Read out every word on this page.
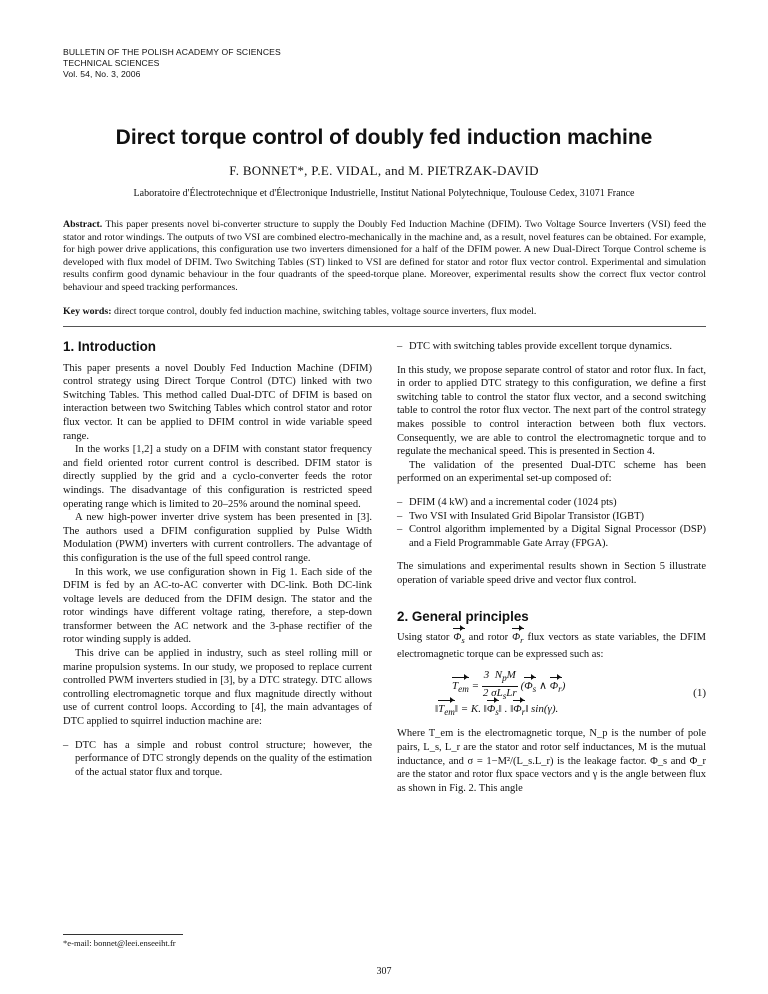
BULLETIN OF THE POLISH ACADEMY OF SCIENCES
TECHNICAL SCIENCES
Vol. 54, No. 3, 2006
Direct torque control of doubly fed induction machine
F. BONNET*, P.E. VIDAL, and M. PIETRZAK-DAVID
Laboratoire d'Électrotechnique et d'Électronique Industrielle, Institut National Polytechnique, Toulouse Cedex, 31071 France
Abstract. This paper presents novel bi-converter structure to supply the Doubly Fed Induction Machine (DFIM). Two Voltage Source Inverters (VSI) feed the stator and rotor windings. The outputs of two VSI are combined electro-mechanically in the machine and, as a result, novel features can be obtained. For example, for high power drive applications, this configuration use two inverters dimensioned for a half of the DFIM power. A new Dual-Direct Torque Control scheme is developed with flux model of DFIM. Two Switching Tables (ST) linked to VSI are defined for stator and rotor flux vector control. Experimental and simulation results confirm good dynamic behaviour in the four quadrants of the speed-torque plane. Moreover, experimental results show the correct flux vector control behaviour and speed tracking performances.
Key words: direct torque control, doubly fed induction machine, switching tables, voltage source inverters, flux model.
1. Introduction

This paper presents a novel Doubly Fed Induction Machine (DFIM) control strategy using Direct Torque Control (DTC) linked with two Switching Tables. This method called Dual-DTC of DFIM is based on interaction between two Switching Tables which control stator and rotor flux vector. It can be applied to DFIM control in wide variable speed range.

In the works [1,2] a study on a DFIM with constant stator frequency and field oriented rotor current control is described. DFIM stator is directly supplied by the grid and a cyclo-converter feeds the rotor windings. The disadvantage of this configuration is restricted speed operating range which is limited to 20–25% around the nominal speed.

A new high-power inverter drive system has been presented in [3]. The authors used a DFIM configuration supplied by Pulse Width Modulation (PWM) inverters with current controllers. The advantage of this configuration is the use of the full speed control range.

In this work, we use configuration shown in Fig 1. Each side of the DFIM is fed by an AC-to-AC converter with DC-link. Both DC-link voltage levels are deduced from the DFIM design. The stator and the rotor windings have different voltage rating, therefore, a step-down transformer between the AC network and the 3-phase rectifier of the rotor winding supply is added.

This drive can be applied in industry, such as steel rolling mill or marine propulsion systems. In our study, we proposed to replace current controlled PWM inverters studied in [3], by a DTC strategy. DTC allows controlling electromagnetic torque and flux magnitude directly without use of current control loops. According to [4], the main advantages of DTC applied to squirrel induction machine are:

– DTC has a simple and robust control structure; however, the performance of DTC strongly depends on the quality of the estimation of the actual stator flux and torque.
– DTC with switching tables provide excellent torque dynamics.

In this study, we propose separate control of stator and rotor flux. In fact, in order to applied DTC strategy to this configuration, we define a first switching table to control the stator flux vector, and a second switching table to control the rotor flux vector. The next part of the control strategy makes possible to control interaction between both flux vectors. Consequently, we are able to control the electromagnetic torque and to regulate the mechanical speed. This is presented in Section 4.

The validation of the presented Dual-DTC scheme has been performed on an experimental set-up composed of:

– DFIM (4 kW) and a incremental coder (1024 pts)
– Two VSI with Insulated Grid Bipolar Transistor (IGBT)
– Control algorithm implemented by a Digital Signal Processor (DSP) and a Field Programmable Gate Array (FPGA).

The simulations and experimental results shown in Section 5 illustrate operation of variable speed drive and vector flux control.

2. General principles

Using stator $\Phi_s$ and rotor $\Phi_r$ flux vectors as state variables, the DFIM electromagnetic torque can be expressed such as:

$T_{em} = \frac{3 N_pM}{2 \sigma L_sLr} (\Phi_s$ ∧ $\Phi_r$)
$‖T_{em}‖ = K$. $‖\Phi_s‖$ . $‖\Phi_r‖$ sin(γ).
(1)

Where T_em is the electromagnetic torque, N_p is the number of pole pairs, L_s, L_r are the stator and rotor self inductances, M is the mutual inductance, and σ = 1−M²/(L_s.L_r) is the leakage factor. Φ_s and Φ_r are the stator and rotor flux space vectors and γ is the angle between flux as shown in Fig. 2. This angle

*e-mail: bonnet@leei.enseeiht.fr
307
